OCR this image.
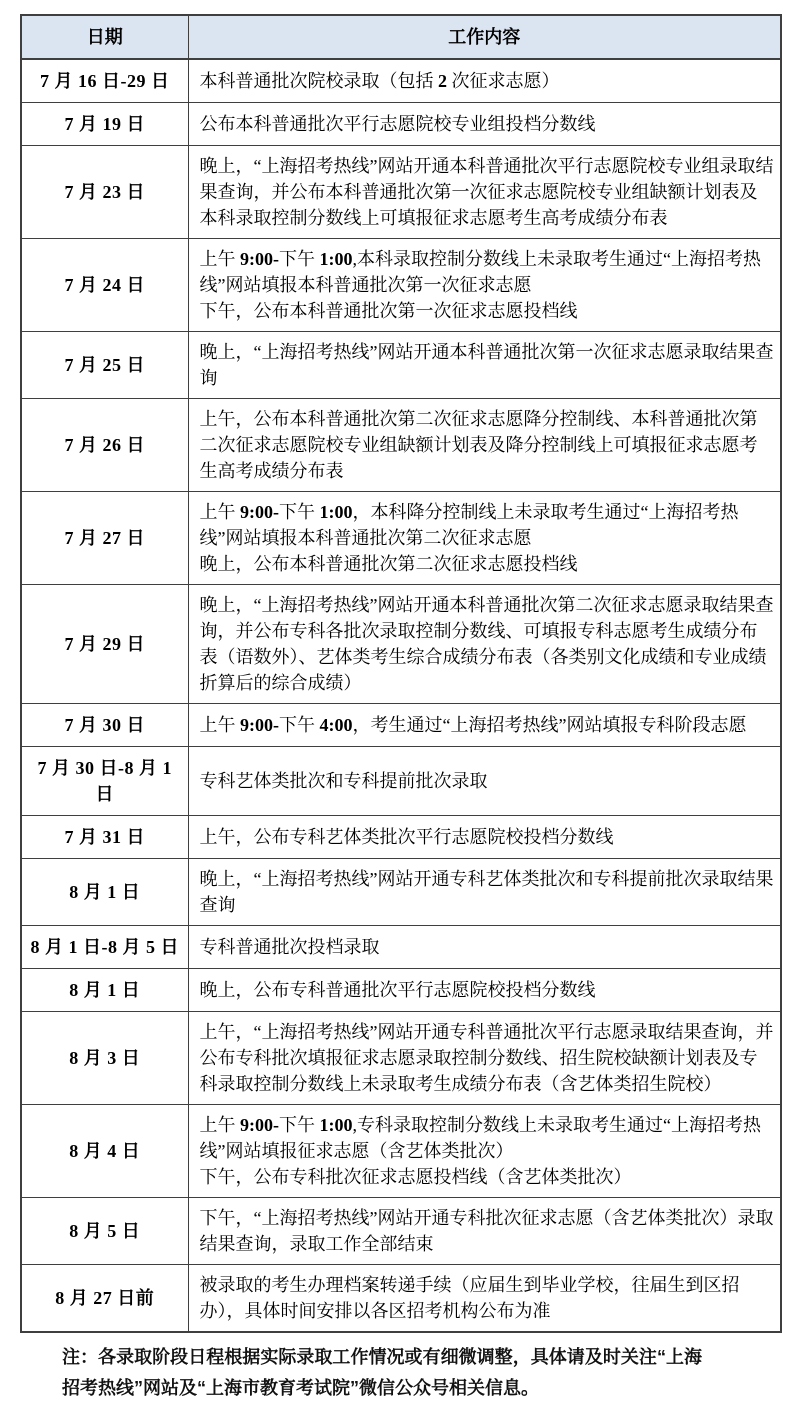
日期	工作内容
7 月 16 日-29 日	本科普通批次院校录取（包括 2 次征求志愿）

7 月 19 日	公布本科普通批次平行志愿院校专业组投档分数线

7 月 23 日	晚上，“上海招考热线”网站开通本科普通批次平行志愿院校专业组录取结果查询，并公布本科普通批次第一次征求志愿院校专业组缺额计划表及本科录取控制分数线上可填报征求志愿考生高考成绩分布表

7 月 24 日	上午 9:00-下午 1:00,本科录取控制分数线上未录取考生通过“上海招考热线”网站填报本科普通批次第一次征求志愿
下午，公布本科普通批次第一次征求志愿投档线

7 月 25 日	晚上，“上海招考热线”网站开通本科普通批次第一次征求志愿录取结果查询

7 月 26 日	上午，公布本科普通批次第二次征求志愿降分控制线、本科普通批次第二次征求志愿院校专业组缺额计划表及降分控制线上可填报征求志愿考生高考成绩分布表

7 月 27 日	上午 9:00-下午 1:00，本科降分控制线上未录取考生通过“上海招考热线”网站填报本科普通批次第二次征求志愿
晚上，公布本科普通批次第二次征求志愿投档线

7 月 29 日	晚上，“上海招考热线”网站开通本科普通批次第二次征求志愿录取结果查询，并公布专科各批次录取控制分数线、可填报专科志愿考生成绩分布表（语数外）、艺体类考生综合成绩分布表（各类别文化成绩和专业成绩折算后的综合成绩）

7 月 30 日	上午 9:00-下午 4:00，考生通过“上海招考热线”网站填报专科阶段志愿

7 月 30 日-8 月 1 日	专科艺体类批次和专科提前批次录取

7 月 31 日	上午，公布专科艺体类批次平行志愿院校投档分数线

8 月 1 日	晚上，“上海招考热线”网站开通专科艺体类批次和专科提前批次录取结果查询

8 月 1 日-8 月 5 日	专科普通批次投档录取

8 月 1 日	晚上，公布专科普通批次平行志愿院校投档分数线

8 月 3 日	上午，“上海招考热线”网站开通专科普通批次平行志愿录取结果查询，并公布专科批次填报征求志愿录取控制分数线、招生院校缺额计划表及专科录取控制分数线上未录取考生成绩分布表（含艺体类招生院校）

8 月 4 日	上午 9:00-下午 1:00,专科录取控制分数线上未录取考生通过“上海招考热线”网站填报征求志愿（含艺体类批次）
下午，公布专科批次征求志愿投档线（含艺体类批次）

8 月 5 日	下午，“上海招考热线”网站开通专科批次征求志愿（含艺体类批次）录取结果查询，录取工作全部结束

8 月 27 日前	被录取的考生办理档案转递手续（应届生到毕业学校，往届生到区招办），具体时间安排以各区招考机构公布为准

注：各录取阶段日程根据实际录取工作情况或有细微调整，具体请及时关注“上海招考热线”网站及“上海市教育考试院”微信公众号相关信息。
